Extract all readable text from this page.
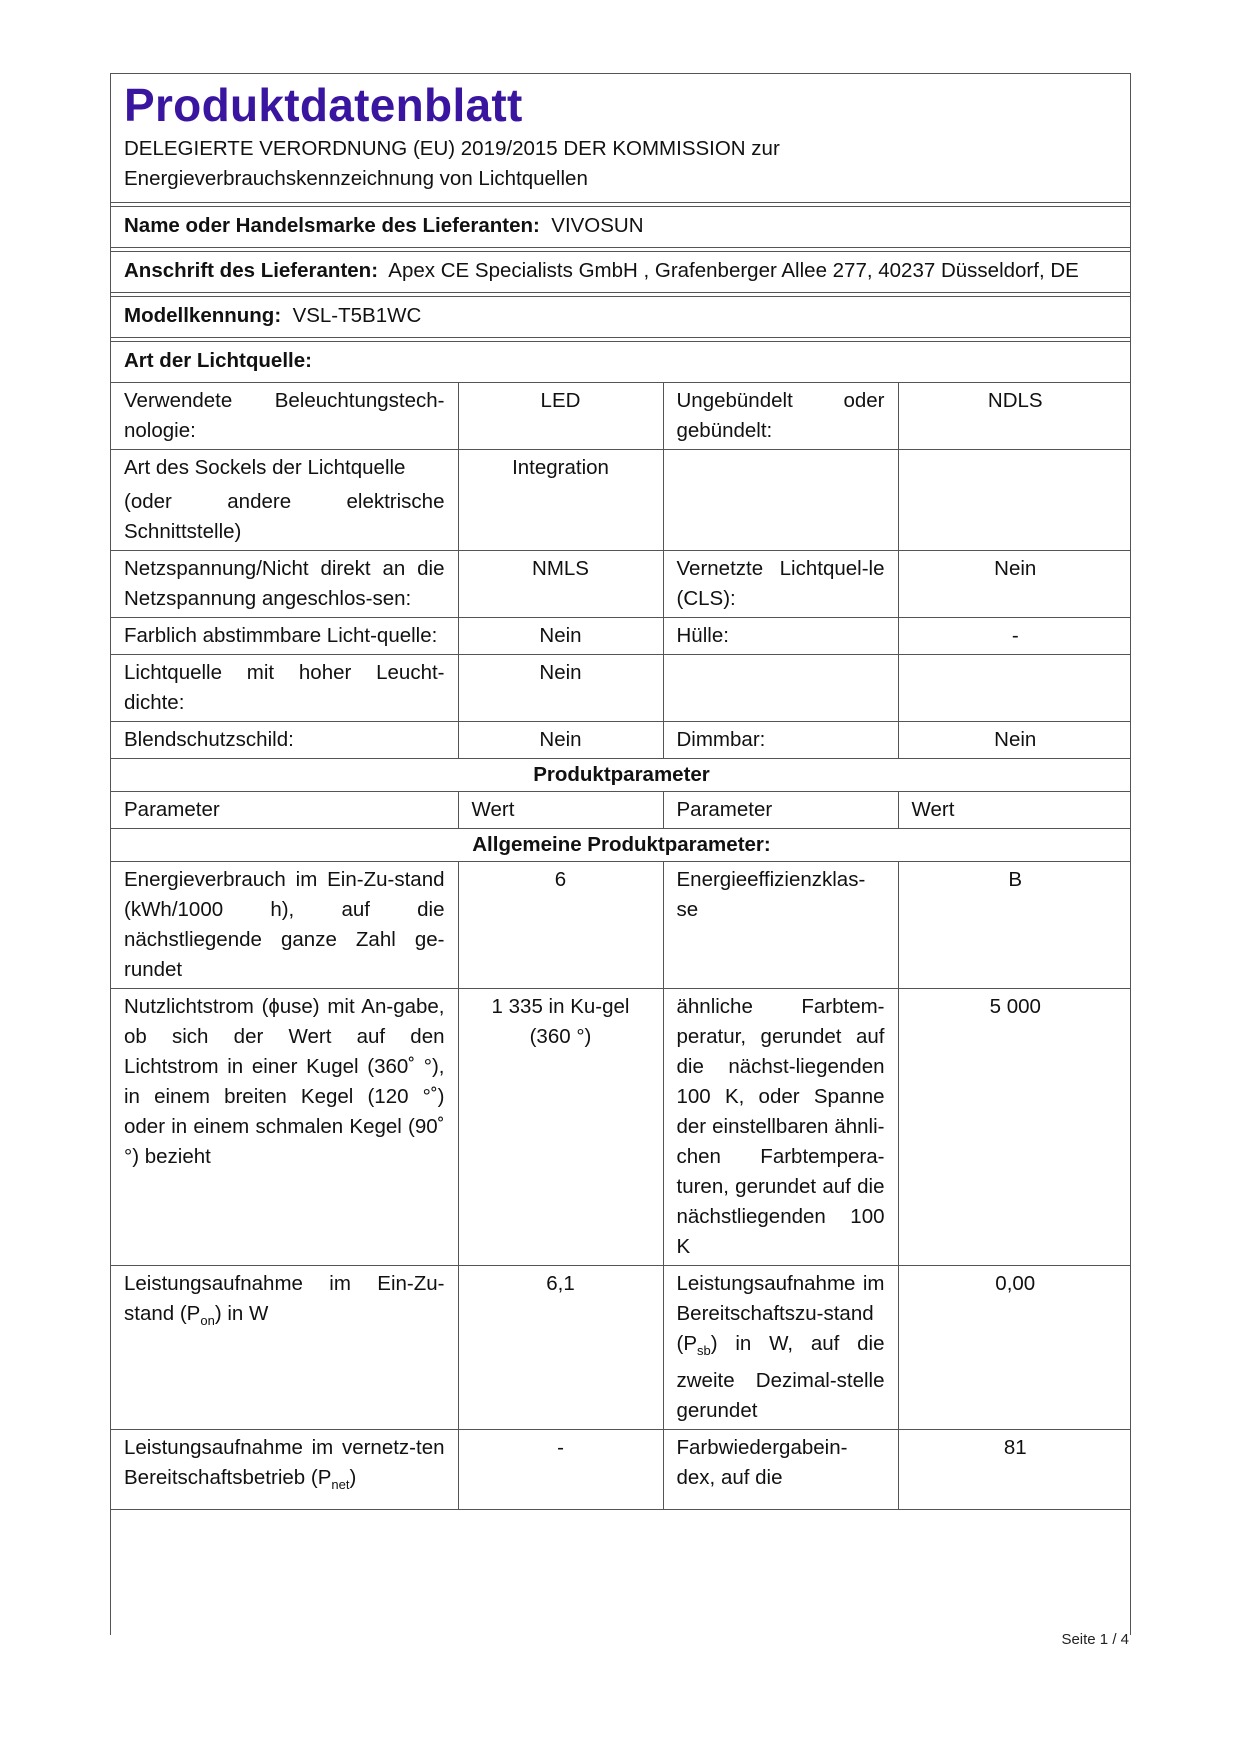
Produktdatenblatt
DELEGIERTE VERORDNUNG (EU) 2019/2015 DER KOMMISSION zur
Energieverbrauchskennzeichnung von Lichtquellen
Name oder Handelsmarke des Lieferanten: VIVOSUN
Anschrift des Lieferanten: Apex CE Specialists GmbH , Grafenberger Allee 277, 40237 Düsseldorf, DE
Modellkennung: VSL-T5B1WC
Art der Lichtquelle:
Verwendete Beleuchtungstech-nologie:	LED	Ungebündelt oder gebündelt:	NDLS

Art des Sockels der Lichtquelle
(oder andere elektrische Schnittstelle)	Integration		
Netzspannung/Nicht direkt an die Netzspannung angeschlos-sen:	NMLS	Vernetzte Lichtquel-le (CLS):	Nein
Farblich abstimmbare Licht-quelle:	Nein	Hülle:	-
Lichtquelle mit hoher Leucht-dichte:	Nein		
Blendschutzschild:	Nein	Dimmbar:	Nein
Produktparameter			
Parameter	Wert	Parameter	Wert
Allgemeine Produktparameter:			
Energieverbrauch im Ein-Zu-stand (kWh/1000 h), auf die nächstliegende ganze Zahl ge-rundet	6	Energieeffizienzklas-se	B
Nutzlichtstrom (ɸuse) mit An-gabe, ob sich der Wert auf den Lichtstrom in einer Kugel (360˚ °), in einem breiten Kegel (120 °˚) oder in einem schmalen Kegel (90˚ °) bezieht	1 335 in Ku-gel (360 °)	ähnliche Farbtem-peratur, gerundet auf die nächst-liegenden 100 K, oder Spanne der einstellbaren ähnli-chen Farbtempera-turen, gerundet auf die nächstliegenden 100 K	5 000
Leistungsaufnahme im Ein-Zu-stand $(P_{on})$ in W	6,1	Leistungsaufnahme im Bereitschaftszu-stand $(P_{sb})$ in W, auf die zweite Dezimal-stelle gerundet	0,00
Leistungsaufnahme im vernetz-ten Bereitschaftsbetrieb $(P_{net})$	-	Farbwiedergabein-dex, auf die	81
Seite 1 / 4
